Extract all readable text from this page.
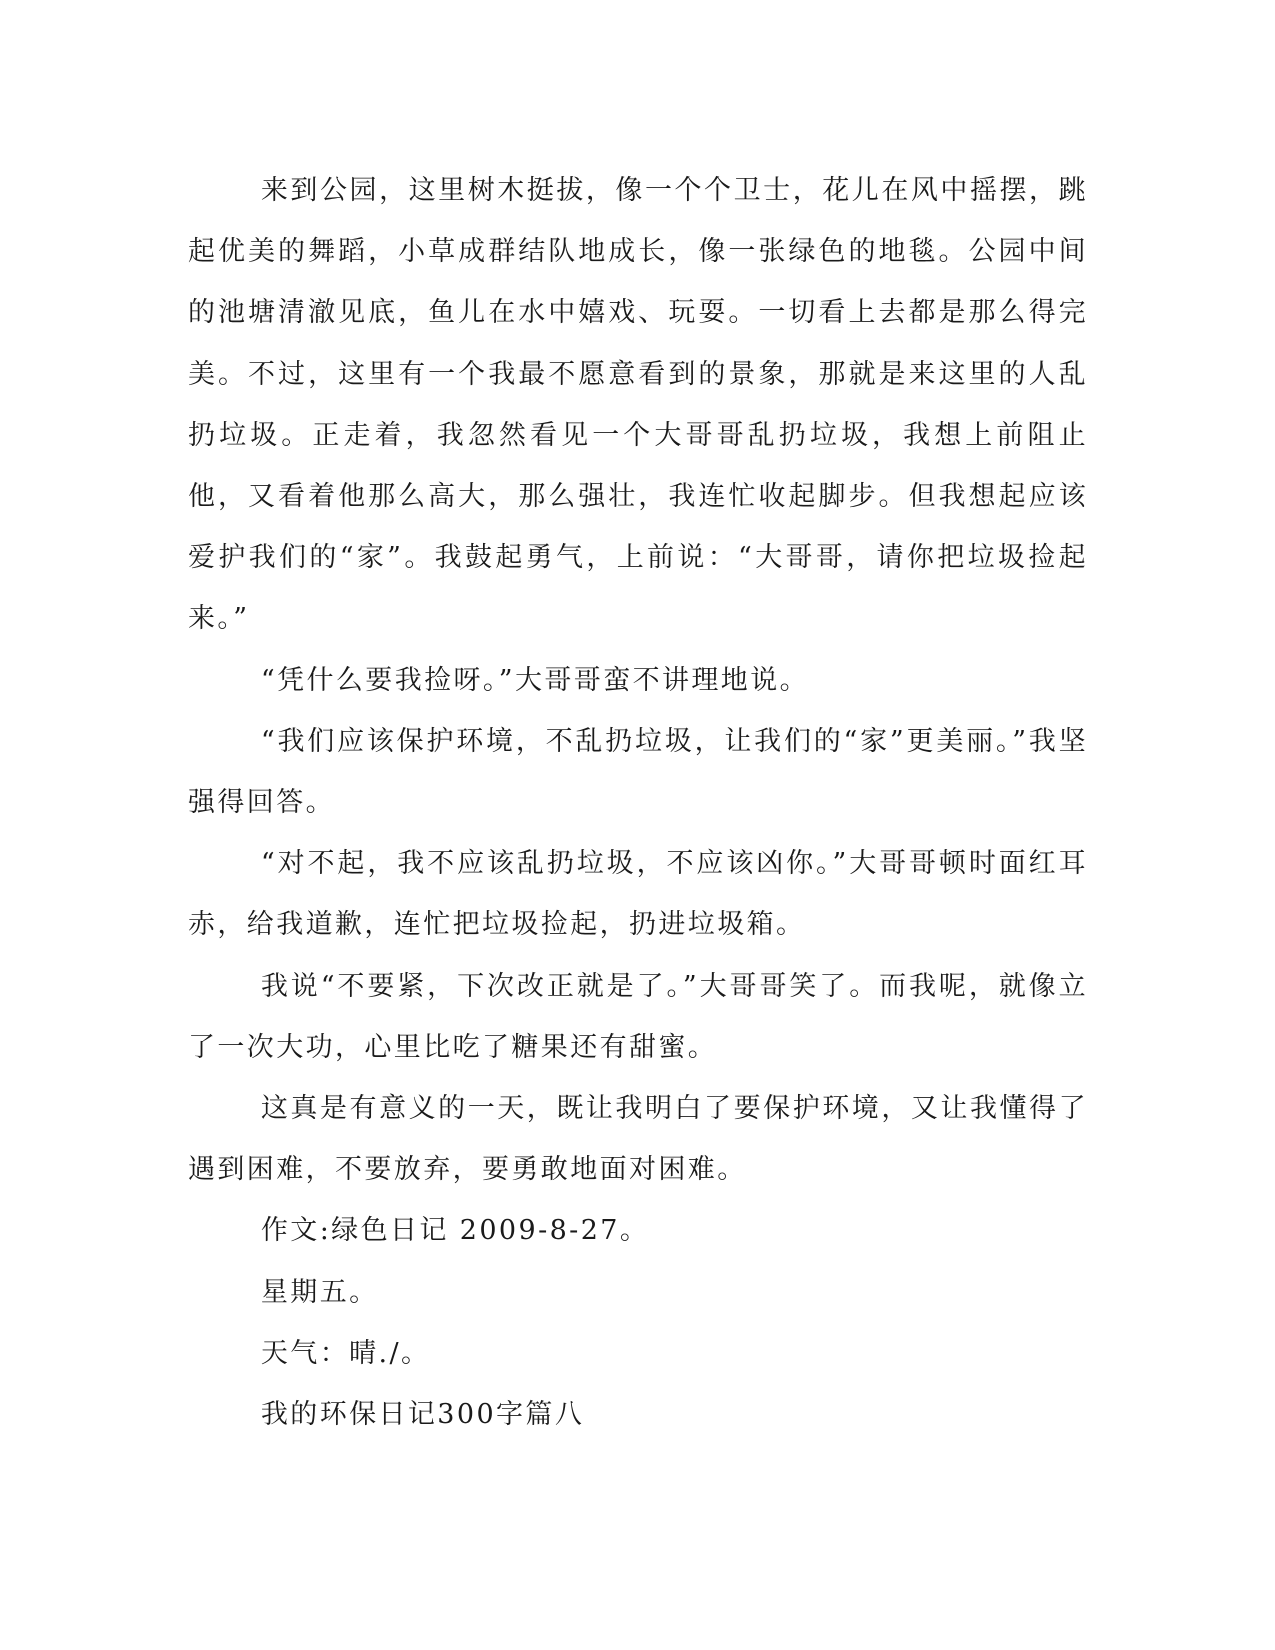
来到公园，这里树木挺拔，像一个个卫士，花儿在风中摇摆，跳起优美的舞蹈，小草成群结队地成长，像一张绿色的地毯。公园中间的池塘清澈见底，鱼儿在水中嬉戏、玩耍。一切看上去都是那么得完美。不过，这里有一个我最不愿意看到的景象，那就是来这里的人乱扔垃圾。正走着，我忽然看见一个大哥哥乱扔垃圾，我想上前阻止他，又看着他那么高大，那么强壮，我连忙收起脚步。但我想起应该爱护我们的“家”。我鼓起勇气，上前说：“大哥哥，请你把垃圾捡起来。”

“凭什么要我捡呀。”大哥哥蛮不讲理地说。

“我们应该保护环境，不乱扔垃圾，让我们的“家”更美丽。”我坚强得回答。

“对不起，我不应该乱扔垃圾，不应该凶你。”大哥哥顿时面红耳赤，给我道歉，连忙把垃圾捡起，扔进垃圾箱。

我说“不要紧，下次改正就是了。”大哥哥笑了。而我呢，就像立了一次大功，心里比吃了糖果还有甜蜜。

这真是有意义的一天，既让我明白了要保护环境，又让我懂得了遇到困难，不要放弃，要勇敢地面对困难。

作文:绿色日记 2009-8-27。

星期五。

天气：晴./。

我的环保日记300字篇八
